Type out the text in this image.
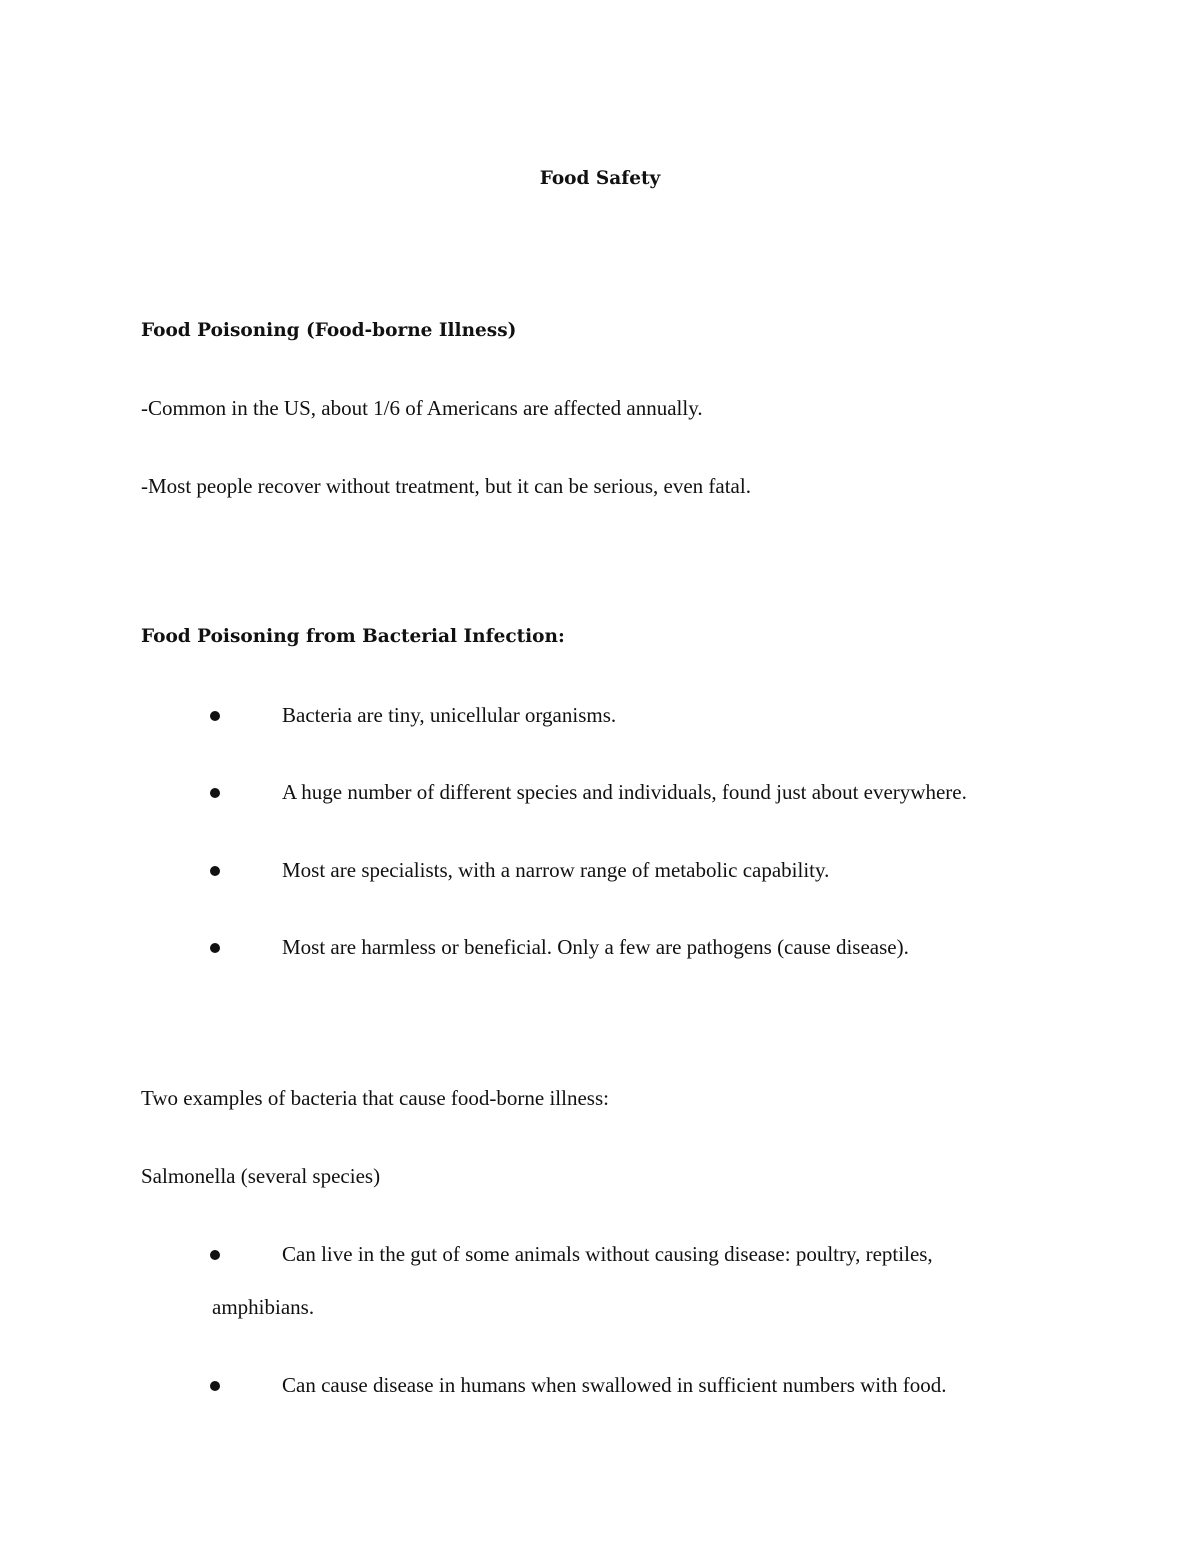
Food Safety
Food Poisoning (Food-borne Illness)
-Common in the US, about 1/6 of Americans are affected annually.
-Most people recover without treatment, but it can be serious, even fatal.
Food Poisoning from Bacterial Infection:
Bacteria are tiny, unicellular organisms.
A huge number of different species and individuals, found just about everywhere.
Most are specialists, with a narrow range of metabolic capability.
Most are harmless or beneficial. Only a few are pathogens (cause disease).
Two examples of bacteria that cause food-borne illness:
Salmonella (several species)
Can live in the gut of some animals without causing disease: poultry, reptiles,
amphibians.
Can cause disease in humans when swallowed in sufficient numbers with food.
